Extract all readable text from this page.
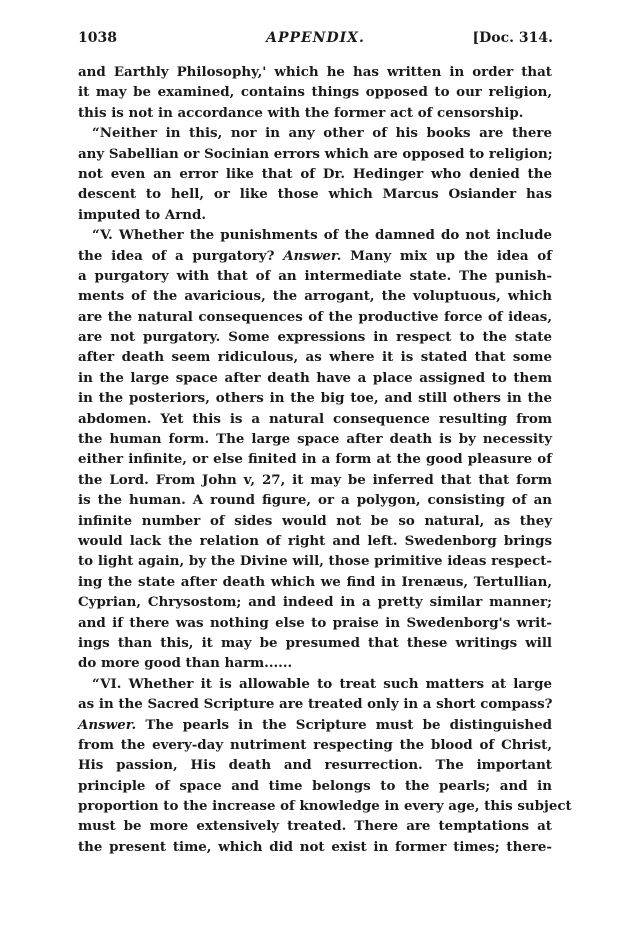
1038	APPENDIX.	[Doc. 314.
and Earthly Philosophy,' which he has written in order that
it may be examined, contains things opposed to our religion,
this is not in accordance with the former act of censorship.
“Neither in this, nor in any other of his books are there
any Sabellian or Socinian errors which are opposed to religion;
not even an error like that of Dr. Hedinger who denied the
descent to hell, or like those which Marcus Osiander has
imputed to Arnd.
“V. Whether the punishments of the damned do not include
the idea of a purgatory? Answer. Many mix up the idea of
a purgatory with that of an intermediate state. The punish-
ments of the avaricious, the arrogant, the voluptuous, which
are the natural consequences of the productive force of ideas,
are not purgatory. Some expressions in respect to the state
after death seem ridiculous, as where it is stated that some
in the large space after death have a place assigned to them
in the posteriors, others in the big toe, and still others in the
abdomen. Yet this is a natural consequence resulting from
the human form. The large space after death is by necessity
either infinite, or else finited in a form at the good pleasure of
the Lord. From John v, 27, it may be inferred that that form
is the human. A round figure, or a polygon, consisting of an
infinite number of sides would not be so natural, as they
would lack the relation of right and left. Swedenborg brings
to light again, by the Divine will, those primitive ideas respect-
ing the state after death which we find in Irenæus, Tertullian,
Cyprian, Chrysostom; and indeed in a pretty similar manner;
and if there was nothing else to praise in Swedenborg's writ-
ings than this, it may be presumed that these writings will
do more good than harm......
“VI. Whether it is allowable to treat such matters at large
as in the Sacred Scripture are treated only in a short compass?
Answer. The pearls in the Scripture must be distinguished
from the every-day nutriment respecting the blood of Christ,
His passion, His death and resurrection. The important
principle of space and time belongs to the pearls; and in
proportion to the increase of knowledge in every age, this subject
must be more extensively treated. There are temptations at
the present time, which did not exist in former times; there-
